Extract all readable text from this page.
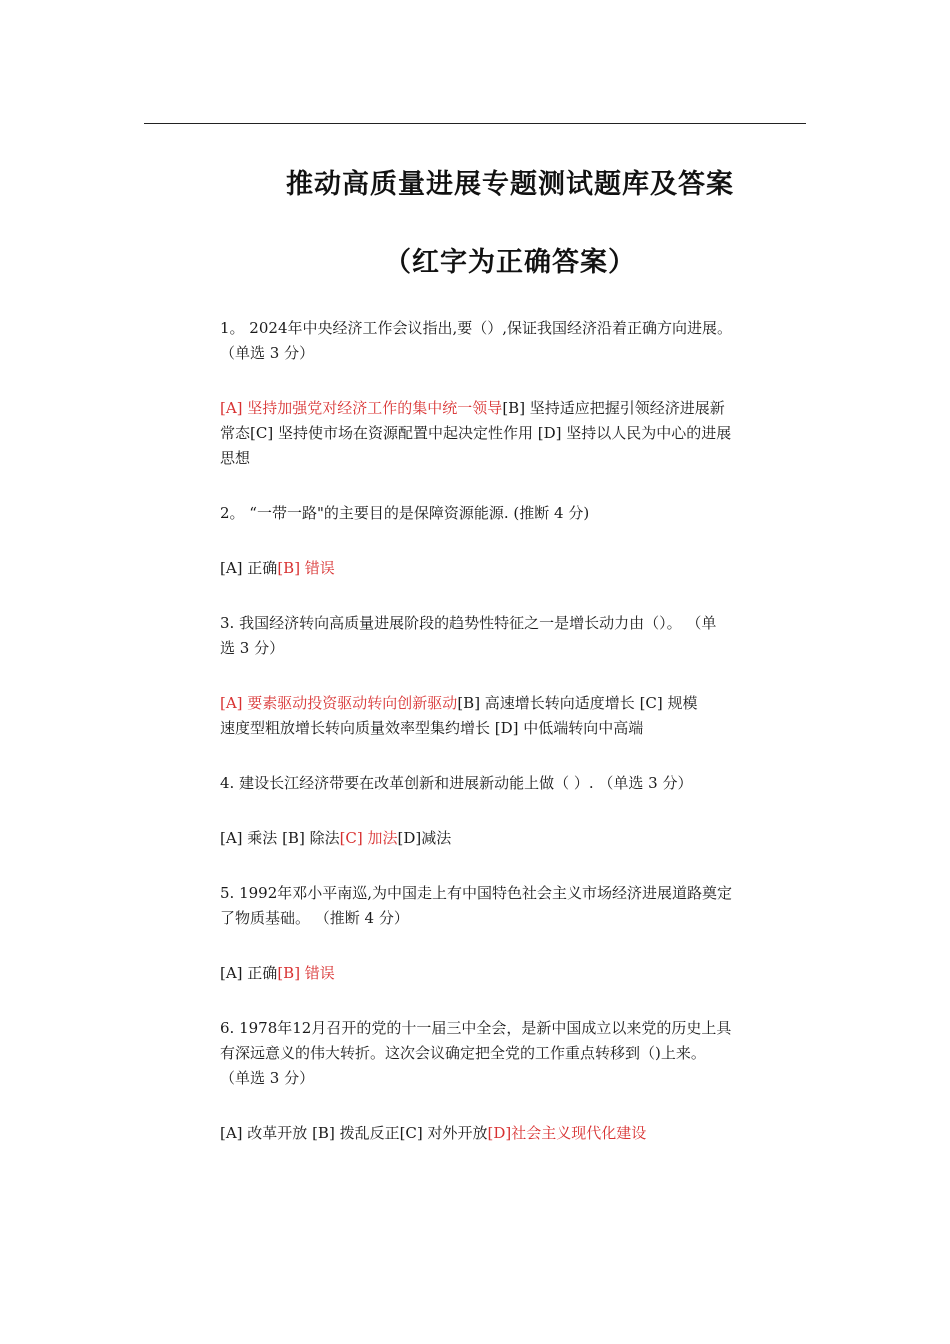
推动高质量进展专题测试题库及答案
（红字为正确答案）
1。 2024年中央经济工作会议指出,要（）,保证我国经济沿着正确方向进展。
（单选 3 分）
[A] 坚持加强党对经济工作的集中统一领导[B] 坚持适应把握引领经济进展新
常态[C] 坚持使市场在资源配置中起决定性作用 [D] 坚持以人民为中心的进展
思想
2。 “一带一路"的主要目的是保障资源能源. (推断 4 分)
[A] 正确[B] 错误
3. 我国经济转向高质量进展阶段的趋势性特征之一是增长动力由（）。 （单
选 3 分）
[A] 要素驱动投资驱动转向创新驱动[B] 高速增长转向适度增长 [C] 规模
速度型粗放增长转向质量效率型集约增长 [D] 中低端转向中高端
4. 建设长江经济带要在改革创新和进展新动能上做（ ）. （单选 3 分）
[A] 乘法 [B] 除法[C] 加法[D]减法
5. 1992年邓小平南巡,为中国走上有中国特色社会主义市场经济进展道路奠定
了物质基础。 （推断 4 分）
[A] 正确[B] 错误
6. 1978年12月召开的党的十一届三中全会，是新中国成立以来党的历史上具
有深远意义的伟大转折。这次会议确定把全党的工作重点转移到（)上来。
（单选 3 分）
[A] 改革开放 [B] 拨乱反正[C] 对外开放[D]社会主义现代化建设
